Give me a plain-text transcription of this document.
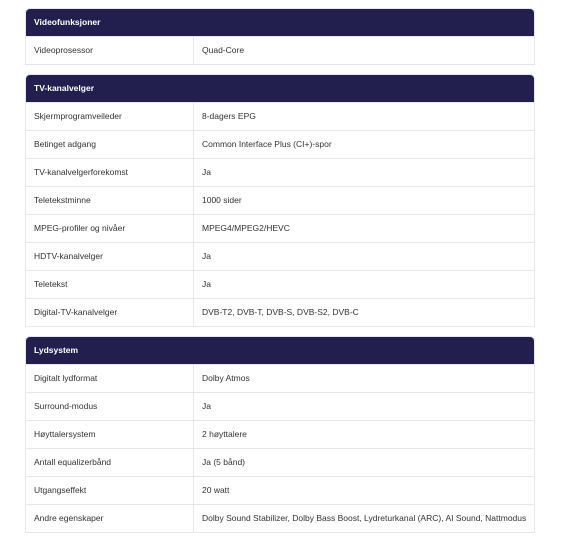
Videofunksjoner
Videoprosessor	Quad-Core
TV-kanalvelger
Skjermprogramveileder	8-dagers EPG
Betinget adgang	Common Interface Plus (CI+)-spor
TV-kanalvelgerforekomst	Ja
Teletekstminne	1000 sider
MPEG-profiler og nivåer	MPEG4/MPEG2/HEVC
HDTV-kanalvelger	Ja
Teletekst	Ja
Digital-TV-kanalvelger	DVB-T2, DVB-T, DVB-S, DVB-S2, DVB-C
Lydsystem
Digitalt lydformat	Dolby Atmos
Surround-modus	Ja
Høyttalersystem	2 høyttalere
Antall equalizerbånd	Ja (5 bånd)
Utgangseffekt	20 watt
Andre egenskaper	Dolby Sound Stabilizer, Dolby Bass Boost, Lydreturkanal (ARC), AI Sound, Nattmodus
